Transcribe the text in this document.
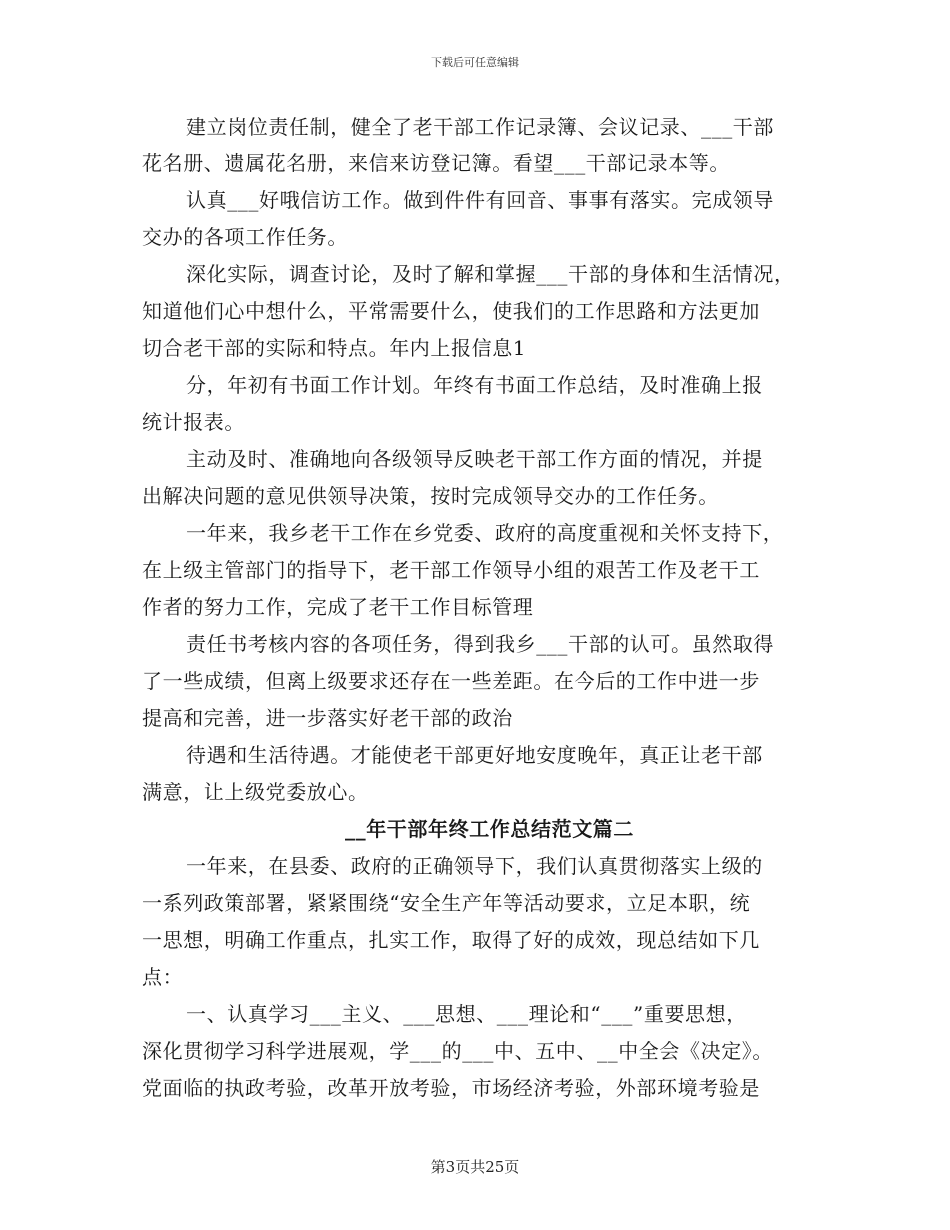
下载后可任意编辑
建立岗位责任制，健全了老干部工作记录簿、会议记录、___干部
花名册、遗属花名册，来信来访登记簿。看望___干部记录本等。
认真___好哦信访工作。做到件件有回音、事事有落实。完成领导
交办的各项工作任务。
深化实际，调查讨论，及时了解和掌握___干部的身体和生活情况，
知道他们心中想什么，平常需要什么，使我们的工作思路和方法更加
切合老干部的实际和特点。年内上报信息1
分，年初有书面工作计划。年终有书面工作总结，及时准确上报
统计报表。
主动及时、准确地向各级领导反映老干部工作方面的情况，并提
出解决问题的意见供领导决策，按时完成领导交办的工作任务。
一年来，我乡老干工作在乡党委、政府的高度重视和关怀支持下，
在上级主管部门的指导下，老干部工作领导小组的艰苦工作及老干工
作者的努力工作，完成了老干工作目标管理
责任书考核内容的各项任务，得到我乡___干部的认可。虽然取得
了一些成绩，但离上级要求还存在一些差距。在今后的工作中进一步
提高和完善，进一步落实好老干部的政治
待遇和生活待遇。才能使老干部更好地安度晚年，真正让老干部
满意，让上级党委放心。
__年干部年终工作总结范文篇二
一年来，在县委、政府的正确领导下，我们认真贯彻落实上级的
一系列政策部署，紧紧围绕“安全生产年等活动要求，立足本职，统
一思想，明确工作重点，扎实工作，取得了好的成效，现总结如下几
点：
一、认真学习___主义、___思想、___理论和“___”重要思想，
深化贯彻学习科学进展观，学___的___中、五中、__中全会《决定》。
党面临的执政考验，改革开放考验，市场经济考验，外部环境考验是
第3页共25页
